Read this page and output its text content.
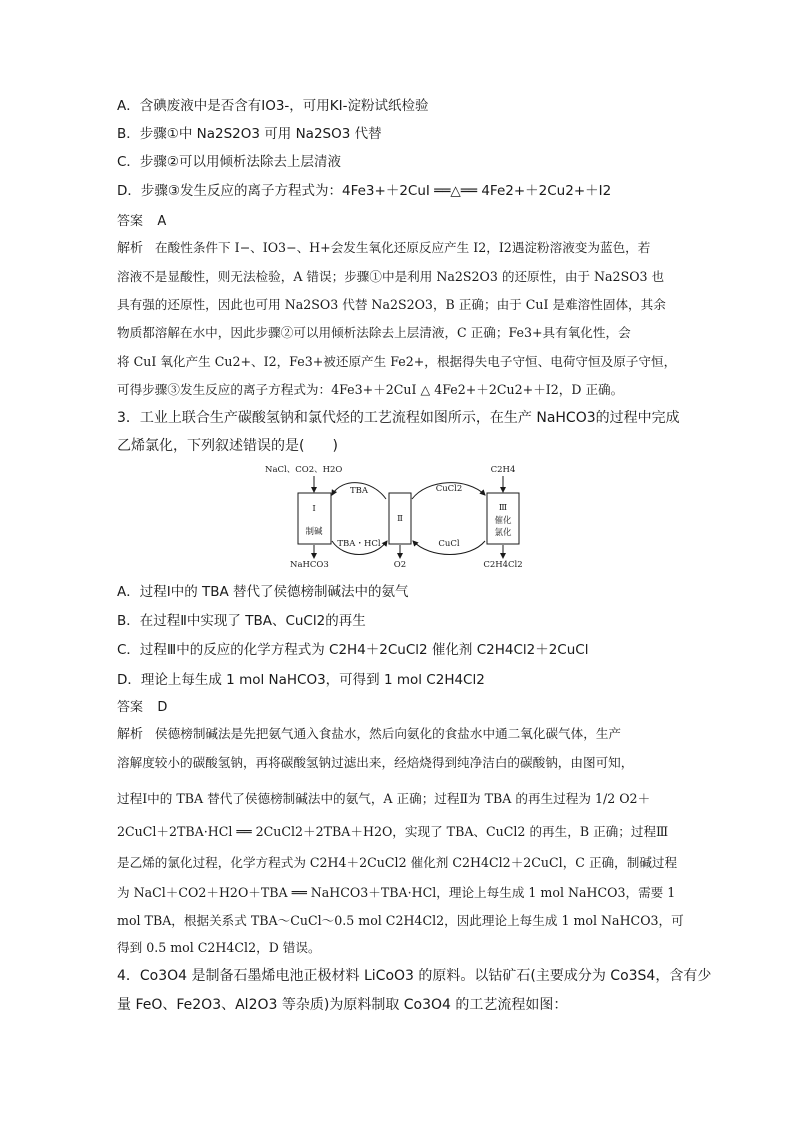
A．含碘废液中是否含有IO3-，可用KI-淀粉试纸检验
B．步骤①中 Na2S2O3 可用 Na2SO3 代替
C．步骤②可以用倾析法除去上层清液
D．步骤③发生反应的离子方程式为：4Fe3+＋2CuI ══△══ 4Fe2+＋2Cu2+＋I2
答案 A
解析 在酸性条件下 I−、IO3−、H+会发生氧化还原反应产生 I2，I2遇淀粉溶液变为蓝色，若
溶液不是显酸性，则无法检验，A 错误；步骤①中是利用 Na2S2O3 的还原性，由于 Na2SO3 也
具有强的还原性，因此也可用 Na2SO3 代替 Na2S2O3，B 正确；由于 CuI 是难溶性固体，其余
物质都溶解在水中，因此步骤②可以用倾析法除去上层清液，C 正确；Fe3+具有氧化性，会
将 CuI 氧化产生 Cu2+、I2，Fe3+被还原产生 Fe2+，根据得失电子守恒、电荷守恒及原子守恒，
可得步骤③发生反应的离子方程式为：4Fe3+＋2CuI △ 4Fe2+＋2Cu2+＋I2，D 正确。
3．工业上联合生产碳酸氢钠和氯代烃的工艺流程如图所示，在生产 NaHCO3的过程中完成
乙烯氯化，下列叙述错误的是(　　)
Ⅰ
制碱
Ⅱ
Ⅲ
催化
氯化
NaCl、CO2、H2O
NaHCO3
C2H4
C2H4Cl2
O2
TBA
TBA・HCl
CuCl2
CuCl
A．过程Ⅰ中的 TBA 替代了侯德榜制碱法中的氨气
B．在过程Ⅱ中实现了 TBA、CuCl2的再生
C．过程Ⅲ中的反应的化学方程式为 C2H4＋2CuCl2 催化剂 C2H4Cl2＋2CuCl
D．理论上每生成 1 mol NaHCO3，可得到 1 mol C2H4Cl2
答案 D
解析 侯德榜制碱法是先把氨气通入食盐水，然后向氨化的食盐水中通二氧化碳气体，生产
溶解度较小的碳酸氢钠，再将碳酸氢钠过滤出来，经焙烧得到纯净洁白的碳酸钠，由图可知，
过程Ⅰ中的 TBA 替代了侯德榜制碱法中的氨气，A 正确；过程Ⅱ为 TBA 的再生过程为 1/2 O2＋
2CuCl＋2TBA·HCl ══ 2CuCl2＋2TBA＋H2O，实现了 TBA、CuCl2 的再生，B 正确；过程Ⅲ
是乙烯的氯化过程，化学方程式为 C2H4＋2CuCl2 催化剂 C2H4Cl2＋2CuCl，C 正确，制碱过程
为 NaCl＋CO2＋H2O＋TBA ══ NaHCO3＋TBA·HCl，理论上每生成 1 mol NaHCO3，需要 1
mol TBA，根据关系式 TBA～CuCl～0.5 mol C2H4Cl2，因此理论上每生成 1 mol NaHCO3，可
得到 0.5 mol C2H4Cl2，D 错误。
4．Co3O4 是制备石墨烯电池正极材料 LiCoO3 的原料。以钴矿石(主要成分为 Co3S4，含有少
量 FeO、Fe2O3、Al2O3 等杂质)为原料制取 Co3O4 的工艺流程如图：
